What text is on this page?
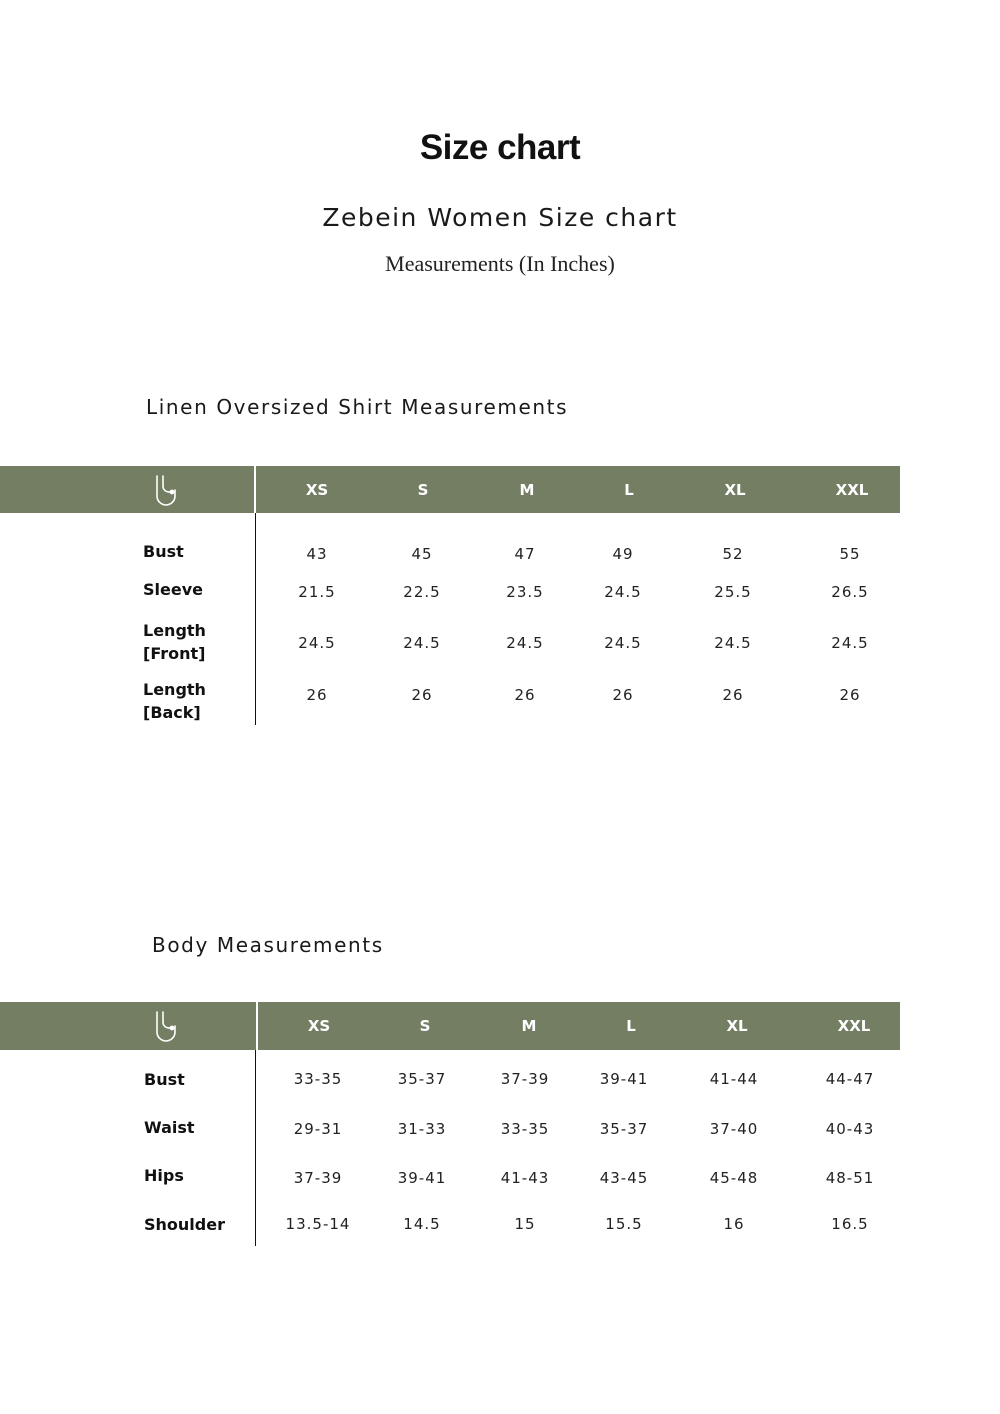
Size chart
Zebein Women Size chart
Measurements (In Inches)
Linen Oversized Shirt Measurements
XS	S	M	L	XL	XXL
Bust	43	45	47	49	52	55
Sleeve	21.5	22.5	23.5	24.5	25.5	26.5
Length
[Front]
24.5	24.5	24.5	24.5	24.5	24.5
Length
[Back]
26	26	26	26	26	26
Body Measurements
XS	S	M	L	XL	XXL
Bust	33-35	35-37	37-39	39-41	41-44	44-47
Waist	29-31	31-33	33-35	35-37	37-40	40-43
Hips	37-39	39-41	41-43	43-45	45-48	48-51
Shoulder	13.5-14	14.5	15	15.5	16	16.5
